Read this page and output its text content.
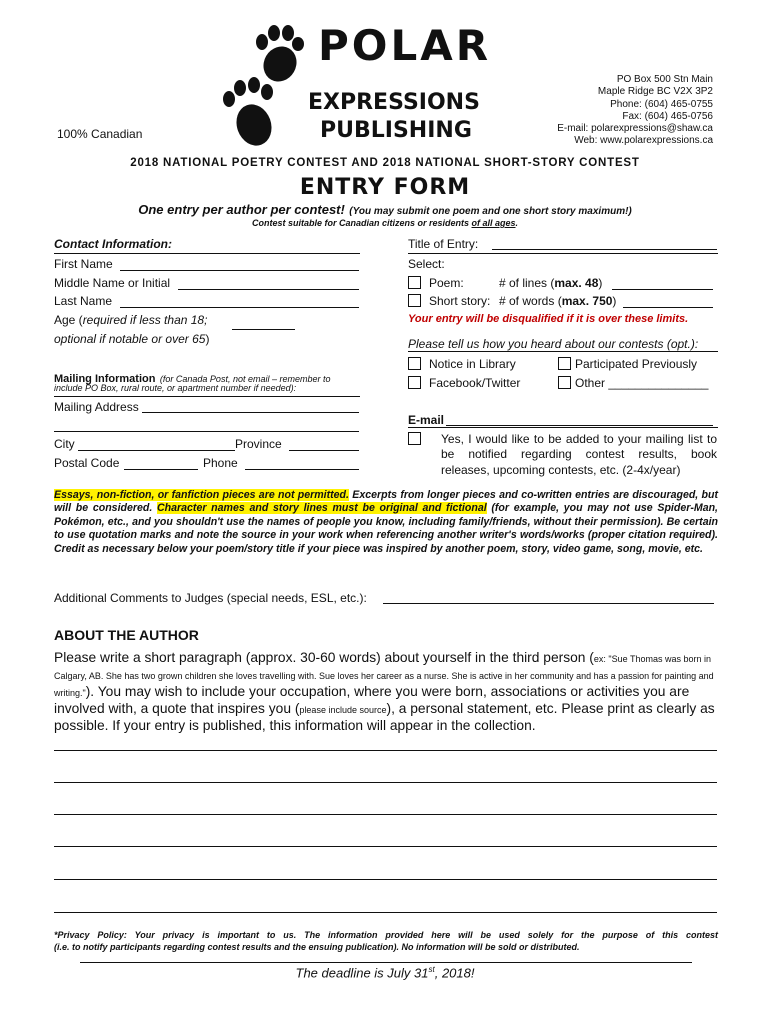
POLAR
EXPRESSIONS
PUBLISHING
100% Canadian
PO Box 500 Stn Main
Maple Ridge BC V2X 3P2
Phone: (604) 465-0755
Fax: (604) 465-0756
E-mail: polarexpressions@shaw.ca
Web: www.polarexpressions.ca
2018 NATIONAL POETRY CONTEST AND 2018 NATIONAL SHORT-STORY CONTEST
ENTRY FORM
One entry per author per contest! (You may submit one poem and one short story maximum!)
Contest suitable for Canadian citizens or residents of all ages.
Contact Information:
First Name
Middle Name or Initial
Last Name
Age (required if less than 18;
optional if notable or over 65)
Mailing Information (for Canada Post, not email – remember to
include PO Box, rural route, or apartment number if needed):
Mailing Address
City	Province
Postal Code	Phone
Title of Entry:
Select:
Poem:	# of lines (max. 48)
Short story: # of words (max. 750)
Your entry will be disqualified if it is over these limits.
Please tell us how you heard about our contests (opt.):
Notice in Library	Participated Previously
Facebook/Twitter	Other _______________
E-mail
Yes, I would like to be added to your mailing list to
be notified regarding contest results, book
releases, upcoming contests, etc. (2-4x/year)
Essays, non-fiction, or fanfiction pieces are not permitted. Excerpts from longer pieces and co-written entries are discouraged, but will be considered. Character names and story lines must be original and fictional (for example, you may not use Spider-Man, Pokémon, etc., and you shouldn't use the names of people you know, including family/friends, without their permission). Be certain to use quotation marks and note the source in your work when referencing another writer's words/works (proper citation required). Credit as necessary below your poem/story title if your piece was inspired by another poem, story, video game, song, movie, etc.
Additional Comments to Judges (special needs, ESL, etc.):
ABOUT THE AUTHOR
Please write a short paragraph (approx. 30-60 words) about yourself in the third person (ex: "Sue Thomas was born in Calgary, AB. She has two grown children she loves travelling with. Sue loves her career as a nurse. She is active in her community and has a passion for painting and writing."). You may wish to include your occupation, where you were born, associations or activities you are involved with, a quote that inspires you (please include source), a personal statement, etc. Please print as clearly as possible. If your entry is published, this information will appear in the collection.
*Privacy Policy: Your privacy is important to us. The information provided here will be used solely for the purpose of this contest
(i.e. to notify participants regarding contest results and the ensuing publication). No information will be sold or distributed.
The deadline is July 31st, 2018!
